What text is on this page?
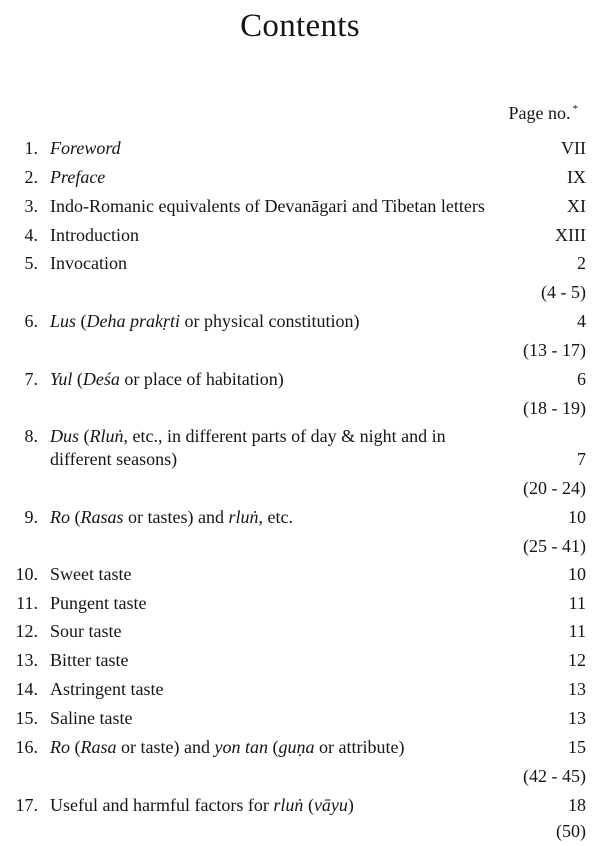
Contents
Page no. *
1. Foreword	VII
2. Preface	IX
3. Indo-Romanic equivalents of Devanāgari and Tibetan letters	XI
4. Introduction	XIII
5. Invocation	2
(4 - 5)
6. Lus (Deha prakṛti or physical constitution)	4
(13 - 17)
7. Yul (Deśa or place of habitation)	6
(18 - 19)
8. Dus (Rluṅ, etc., in different parts of day & night and in different seasons)	7
(20 - 24)
9. Ro (Rasas or tastes) and rluṅ, etc.	10
(25 - 41)
10. Sweet taste	10
11. Pungent taste	11
12. Sour taste	11
13. Bitter taste	12
14. Astringent taste	13
15. Saline taste	13
16. Ro (Rasa or taste) and yon tan (guṇa or attribute)	15
(42 - 45)
17. Useful and harmful factors for rluṅ (vāyu)	18
(50)
